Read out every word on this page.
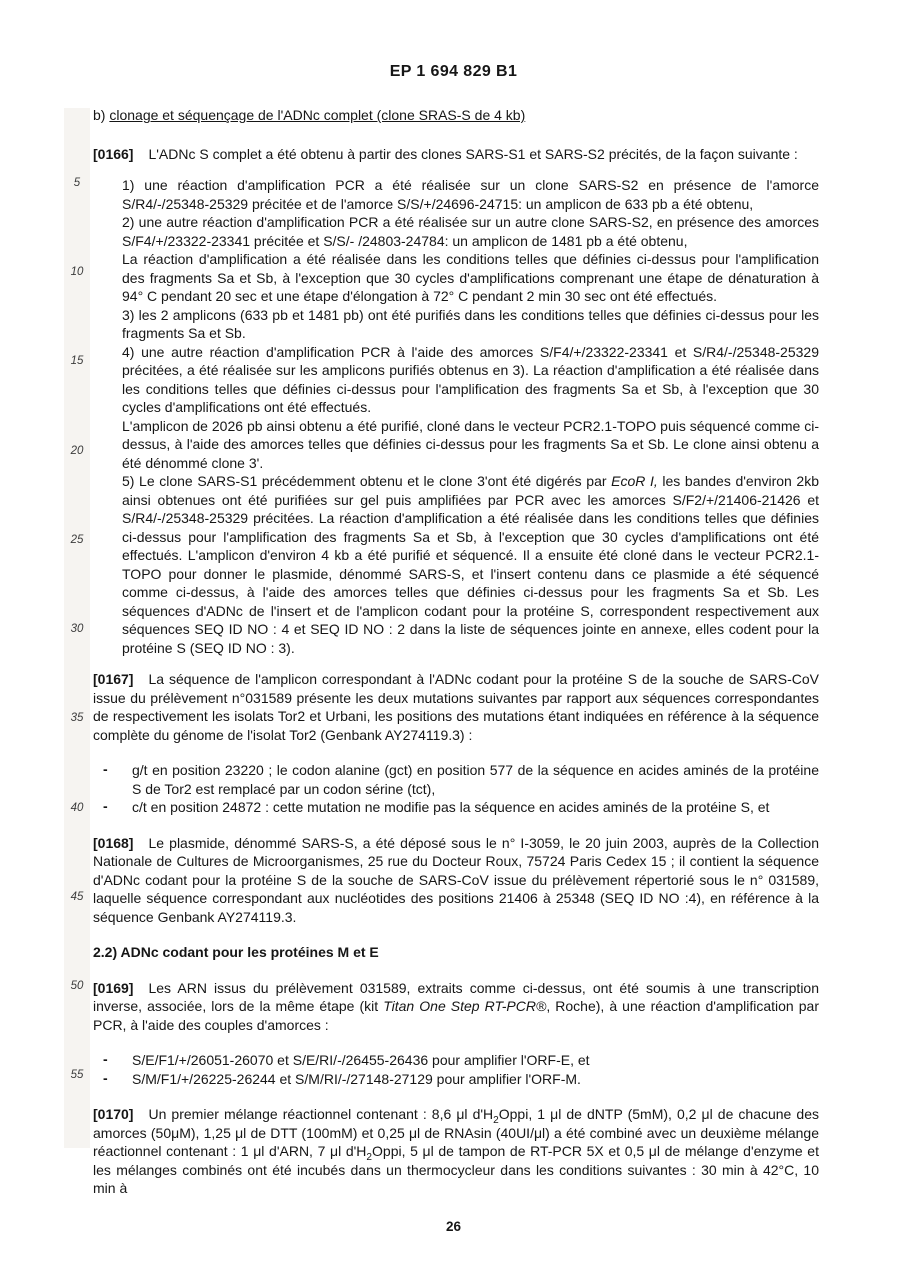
EP 1 694 829 B1
5
10
15
20
25
30
35
40
45
50
55
b) clonage et séquençage de l'ADNc complet (clone SRAS-S de 4 kb)

[0166] L'ADNc S complet a été obtenu à partir des clones SARS-S1 et SARS-S2 précités, de la façon suivante :

1) une réaction d'amplification PCR a été réalisée sur un clone SARS-S2 en présence de l'amorce S/R4/-/25348-25329 précitée et de l'amorce S/S/+/24696-24715: un amplicon de 633 pb a été obtenu,

2) une autre réaction d'amplification PCR a été réalisée sur un autre clone SARS-S2, en présence des amorces S/F4/+/23322-23341 précitée et S/S/- /24803-24784: un amplicon de 1481 pb a été obtenu,

La réaction d'amplification a été réalisée dans les conditions telles que définies ci-dessus pour l'amplification des fragments Sa et Sb, à l'exception que 30 cycles d'amplifications comprenant une étape de dénaturation à 94° C pendant 20 sec et une étape d'élongation à 72° C pendant 2 min 30 sec ont été effectués.

3) les 2 amplicons (633 pb et 1481 pb) ont été purifiés dans les conditions telles que définies ci-dessus pour les fragments Sa et Sb.

4) une autre réaction d'amplification PCR à l'aide des amorces S/F4/+/23322-23341 et S/R4/-/25348-25329 précitées, a été réalisée sur les amplicons purifiés obtenus en 3). La réaction d'amplification a été réalisée dans les conditions telles que définies ci-dessus pour l'amplification des fragments Sa et Sb, à l'exception que 30 cycles d'amplifications ont été effectués.

L'amplicon de 2026 pb ainsi obtenu a été purifié, cloné dans le vecteur PCR2.1-TOPO puis séquencé comme ci-dessus, à l'aide des amorces telles que définies ci-dessus pour les fragments Sa et Sb. Le clone ainsi obtenu a été dénommé clone 3'.

5) Le clone SARS-S1 précédemment obtenu et le clone 3'ont été digérés par EcoR I, les bandes d'environ 2kb ainsi obtenues ont été purifiées sur gel puis amplifiées par PCR avec les amorces S/F2/+/21406-21426 et S/R4/-/25348-25329 précitées. La réaction d'amplification a été réalisée dans les conditions telles que définies ci-dessus pour l'amplification des fragments Sa et Sb, à l'exception que 30 cycles d'amplifications ont été effectués. L'amplicon d'environ 4 kb a été purifié et séquencé. Il a ensuite été cloné dans le vecteur PCR2.1-TOPO pour donner le plasmide, dénommé SARS-S, et l'insert contenu dans ce plasmide a été séquencé comme ci-dessus, à l'aide des amorces telles que définies ci-dessus pour les fragments Sa et Sb. Les séquences d'ADNc de l'insert et de l'amplicon codant pour la protéine S, correspondent respectivement aux séquences SEQ ID NO : 4 et SEQ ID NO : 2 dans la liste de séquences jointe en annexe, elles codent pour la protéine S (SEQ ID NO : 3).

[0167] La séquence de l'amplicon correspondant à l'ADNc codant pour la protéine S de la souche de SARS-CoV issue du prélèvement n°031589 présente les deux mutations suivantes par rapport aux séquences correspondantes de respectivement les isolats Tor2 et Urbani, les positions des mutations étant indiquées en référence à la séquence complète du génome de l'isolat Tor2 (Genbank AY274119.3) :

- g/t en position 23220 ; le codon alanine (gct) en position 577 de la séquence en acides aminés de la protéine S de Tor2 est remplacé par un codon sérine (tct),

- c/t en position 24872 : cette mutation ne modifie pas la séquence en acides aminés de la protéine S, et

[0168] Le plasmide, dénommé SARS-S, a été déposé sous le n° I-3059, le 20 juin 2003, auprès de la Collection Nationale de Cultures de Microorganismes, 25 rue du Docteur Roux, 75724 Paris Cedex 15 ; il contient la séquence d'ADNc codant pour la protéine S de la souche de SARS-CoV issue du prélèvement répertorié sous le n° 031589, laquelle séquence correspondant aux nucléotides des positions 21406 à 25348 (SEQ ID NO :4), en référence à la séquence Genbank AY274119.3.

2.2) ADNc codant pour les protéines M et E

[0169] Les ARN issus du prélèvement 031589, extraits comme ci-dessus, ont été soumis à une transcription inverse, associée, lors de la même étape (kit Titan One Step RT-PCR®, Roche), à une réaction d'amplification par PCR, à l'aide des couples d'amorces :

- S/E/F1/+/26051-26070 et S/E/RI/-/26455-26436 pour amplifier l'ORF-E, et

- S/M/F1/+/26225-26244 et S/M/RI/-/27148-27129 pour amplifier l'ORF-M.

[0170] Un premier mélange réactionnel contenant : 8,6 μl $d'H_2Oppi$, 1 μl de dNTP (5mM), 0,2 μl de chacune des amorces (50μM), 1,25 μl de DTT (100mM) et 0,25 μl de RNAsin (40UI/μl) a été combiné avec un deuxième mélange réactionnel contenant : 1 μl d'ARN, 7 μl $d'H_2Oppi$, 5 μl de tampon de RT-PCR 5X et 0,5 μl de mélange d'enzyme et les mélanges combinés ont été incubés dans un thermocycleur dans les conditions suivantes : 30 min à 42°C, 10 min à

26
